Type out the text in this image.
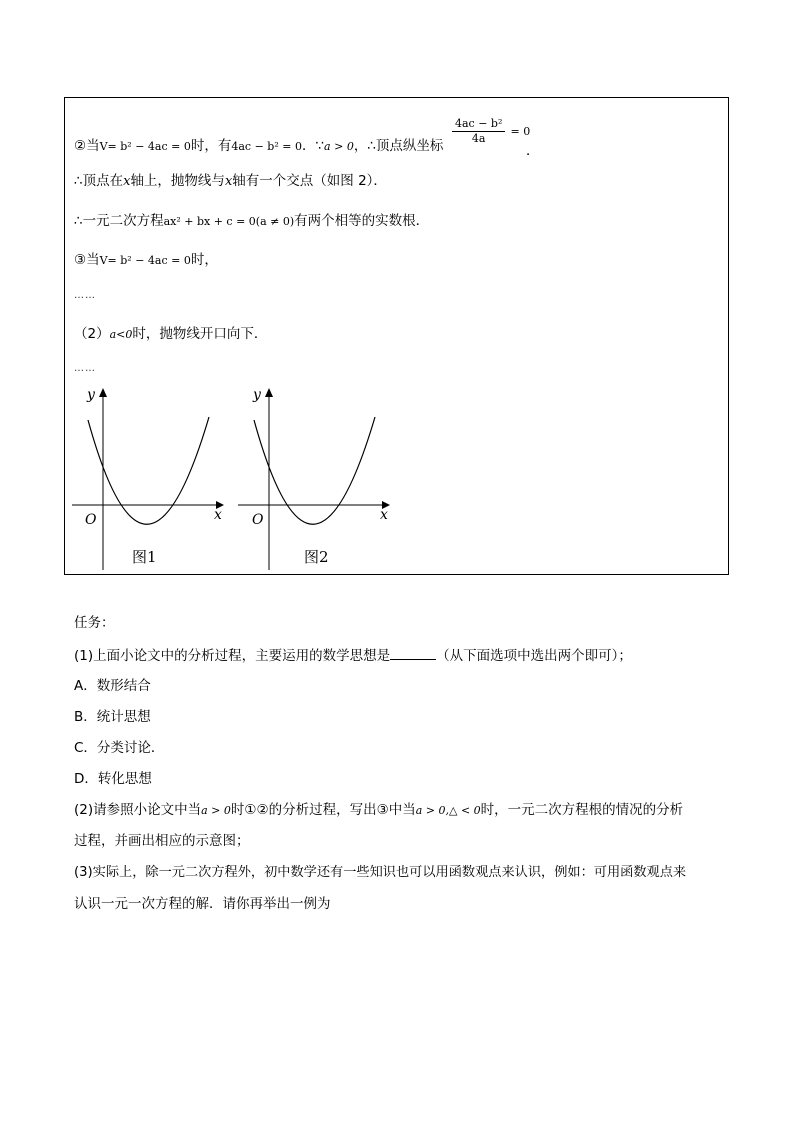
②当V= b² − 4ac = 0时，有4ac − b² = 0．∵a > 0，∴顶点纵坐标 $\frac{\text{4ac − b²}}{4a} = 0$
．
∴顶点在x轴上，抛物线与x轴有一个交点（如图 2）．
∴一元二次方程ax² + bx + c = 0(a ≠ 0)有两个相等的实数根．
③当V= b² − 4ac = 0时，
……
（2）a<0时，抛物线开口向下．
……
y
x
O
图1
y
x
O
图2
任务：
(1)上面小论文中的分析过程，主要运用的数学思想是	（从下面选项中选出两个即可）；
A．数形结合
B．统计思想
C．分类讨论．
D．转化思想
(2)请参照小论文中当a > 0时①②的分析过程，写出③中当a > 0,△ < 0时，一元二次方程根的情况的分析
过程，并画出相应的示意图；
(3)实际上，除一元二次方程外，初中数学还有一些知识也可以用函数观点来认识，例如：可用函数观点来
认识一元一次方程的解．请你再举出一例为
